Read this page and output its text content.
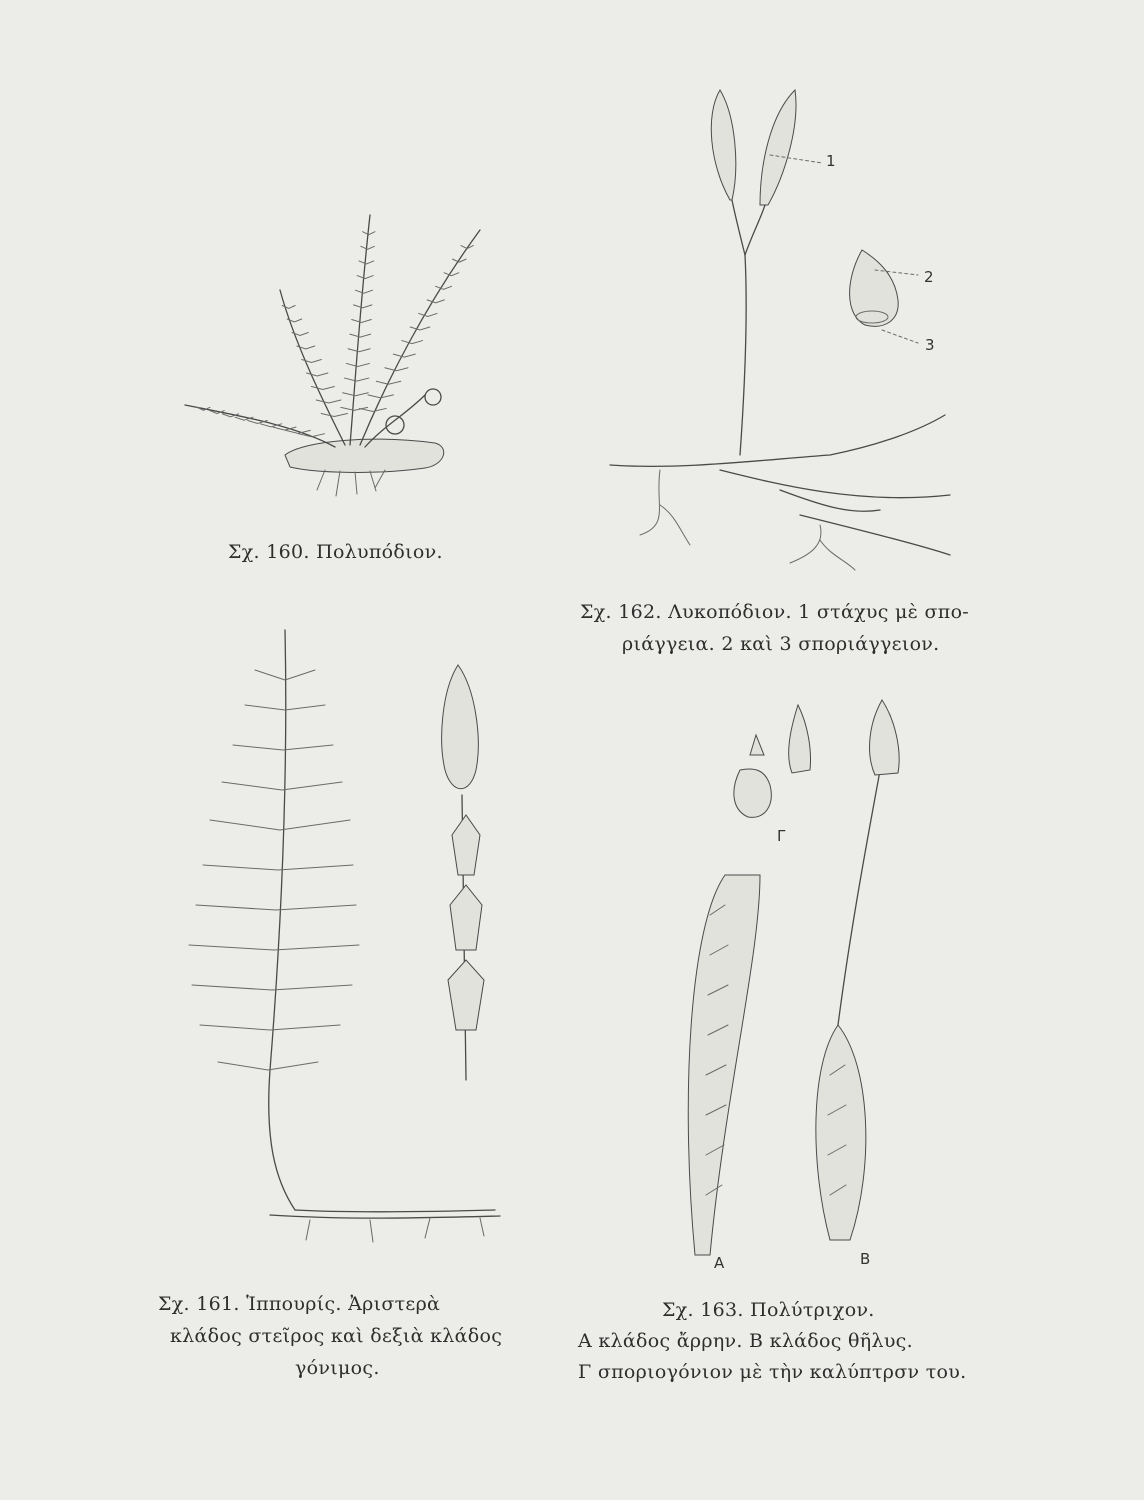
Σχ. 160. Πολυπόδιον.
1
2
3
Σχ. 162. Λυκοπόδιον. 1 στάχυς μὲ σπο-
ριάγγεια. 2 καὶ 3 σποριάγγειον.
Σχ. 161. Ἱππουρίς. Ἀριστερὰ
κλάδος στεῖρος καὶ δεξιὰ κλάδος
γόνιμος.
Γ
Α	Β
Σχ. 163. Πολύτριχον.
Α κλάδος ἄρρην. Β κλάδος θῆλυς.
Γ σποριογόνιον μὲ τὴν καλύπτρσν του.
